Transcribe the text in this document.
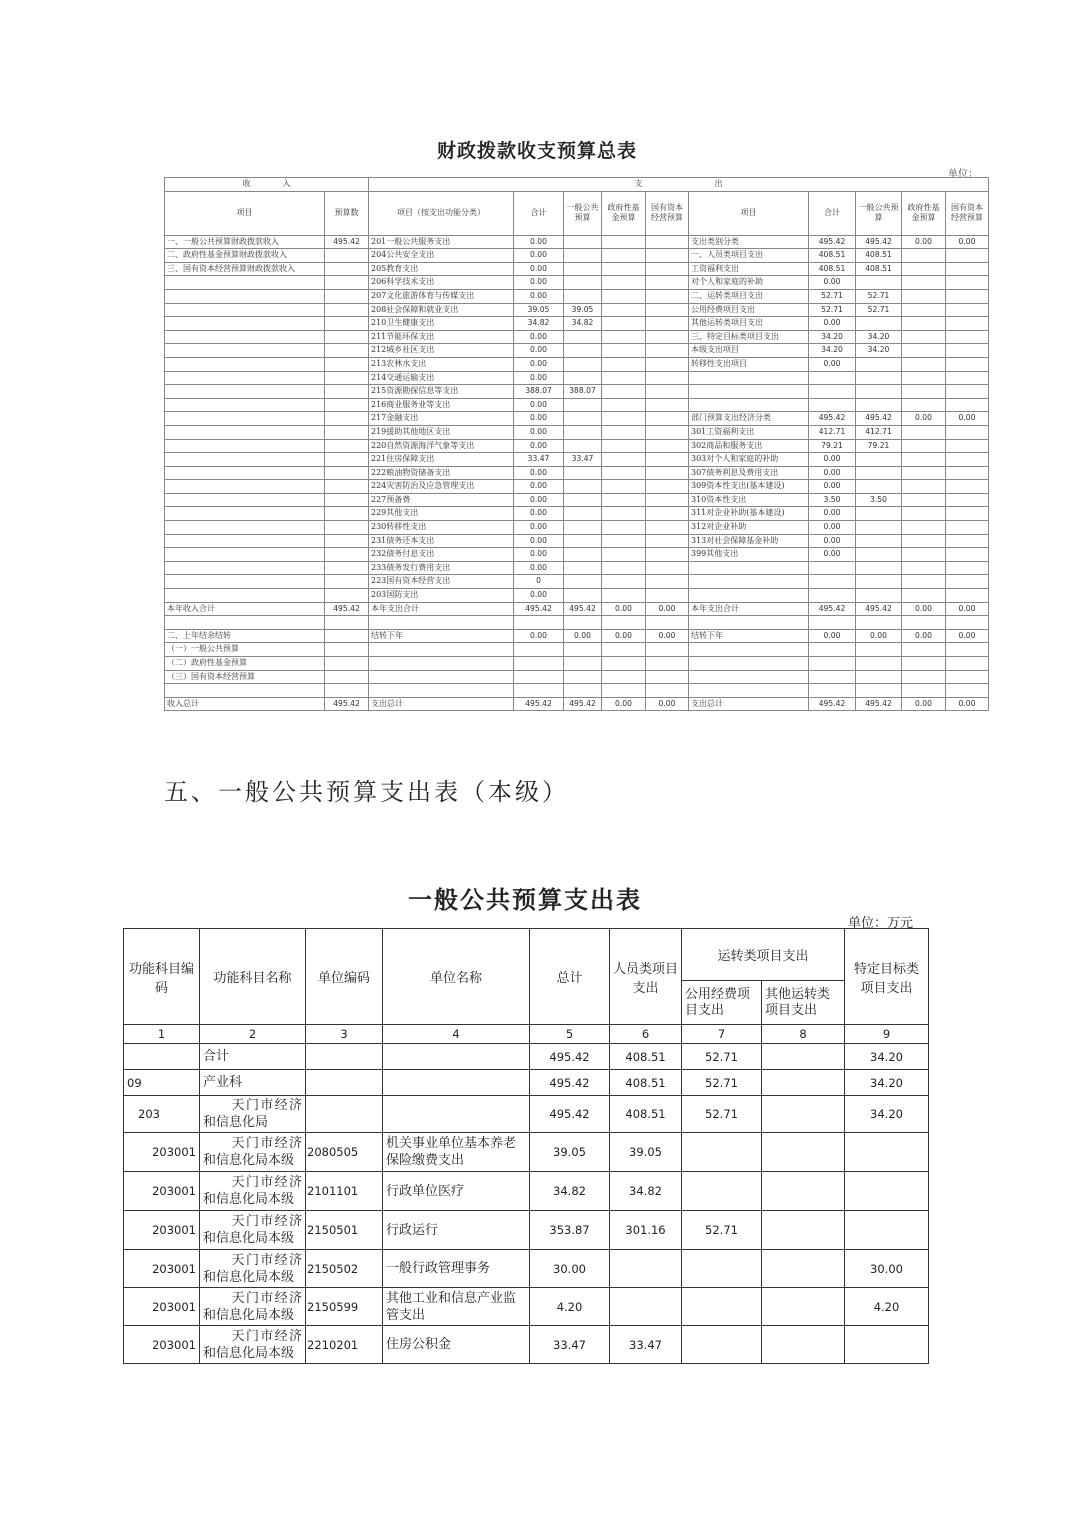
财政拨款收支预算总表
单位：
收　　　　入		支　　　　　　　　　出									
项目	预算数	项目（按支出功能分类）	合计	一般公共预算	政府性基金预算	国有资本经营预算	项目	合计	一般公共预算	政府性基金预算	国有资本经营预算
一、一般公共预算财政拨款收入	495.42	201一般公共服务支出	0.00				支出类别分类	495.42	495.42	0.00	0.00
二、政府性基金预算财政拨款收入		204公共安全支出	0.00				一、人员类项目支出	408.51	408.51		
三、国有资本经营预算财政拨款收入		205教育支出	0.00				工资福利支出	408.51	408.51		
		206科学技术支出	0.00				对个人和家庭的补助	0.00			
		207文化旅游体育与传媒支出	0.00				二、运转类项目支出	52.71	52.71		
		208社会保障和就业支出	39.05	39.05			公用经费项目支出	52.71	52.71		
		210卫生健康支出	34.82	34.82			其他运转类项目支出	0.00			
		211节能环保支出	0.00				三、特定目标类项目支出	34.20	34.20		
		212城乡社区支出	0.00				本级支出项目	34.20	34.20		
		213农林水支出	0.00				转移性支出项目	0.00			
		214交通运输支出	0.00								
		215资源勘探信息等支出	388.07	388.07							
		216商业服务业等支出	0.00								
		217金融支出	0.00				部门预算支出经济分类	495.42	495.42	0.00	0.00
		219援助其他地区支出	0.00				301工资福利支出	412.71	412.71		
		220自然资源海洋气象等支出	0.00				302商品和服务支出	79.21	79.21		
		221住房保障支出	33.47	33.47			303对个人和家庭的补助	0.00			
		222粮油物资储备支出	0.00				307债务利息及费用支出	0.00			
		224灾害防治及应急管理支出	0.00				309资本性支出(基本建设)	0.00			
		227预备费	0.00				310资本性支出	3.50	3.50		
		229其他支出	0.00				311对企业补助(基本建设)	0.00			
		230转移性支出	0.00				312对企业补助	0.00			
		231债务还本支出	0.00				313对社会保障基金补助	0.00			
		232债务付息支出	0.00				399其他支出	0.00			
		233债务发行费用支出	0.00								
		223国有资本经营支出	0								
		203国防支出	0.00								
本年收入合计	495.42	本年支出合计	495.42	495.42	0.00	0.00	本年支出合计	495.42	495.42	0.00	0.00

二、上年结余结转		结转下年	0.00	0.00	0.00	0.00	结转下年	0.00	0.00	0.00	0.00
（一）一般公共预算											
（二）政府性基金预算											
（三）国有资本经营预算											

收入总计	495.42	支出总计	495.42	495.42	0.00	0.00	支出总计	495.42	495.42	0.00	0.00
五、一般公共预算支出表（本级）
一般公共预算支出表
单位：万元
功能科目编码	功能科目名称	单位编码	单位名称	总计	人员类项目支出	运转类项目支出		特定目标类项目支出
						公用经费项目支出	其他运转类项目支出	
1	2	3	4	5	6	7	8	9
	合计			495.42	408.51	52.71		34.20
09	产业科			495.42	408.51	52.71		34.20
203	天门市经济和信息化局			495.42	408.51	52.71		34.20
203001	天门市经济和信息化局本级	2080505	机关事业单位基本养老保险缴费支出	39.05	39.05			
203001	天门市经济和信息化局本级	2101101	行政单位医疗	34.82	34.82			
203001	天门市经济和信息化局本级	2150501	行政运行	353.87	301.16	52.71		
203001	天门市经济和信息化局本级	2150502	一般行政管理事务	30.00				30.00
203001	天门市经济和信息化局本级	2150599	其他工业和信息产业监管支出	4.20				4.20
203001	天门市经济和信息化局本级	2210201	住房公积金	33.47	33.47			
